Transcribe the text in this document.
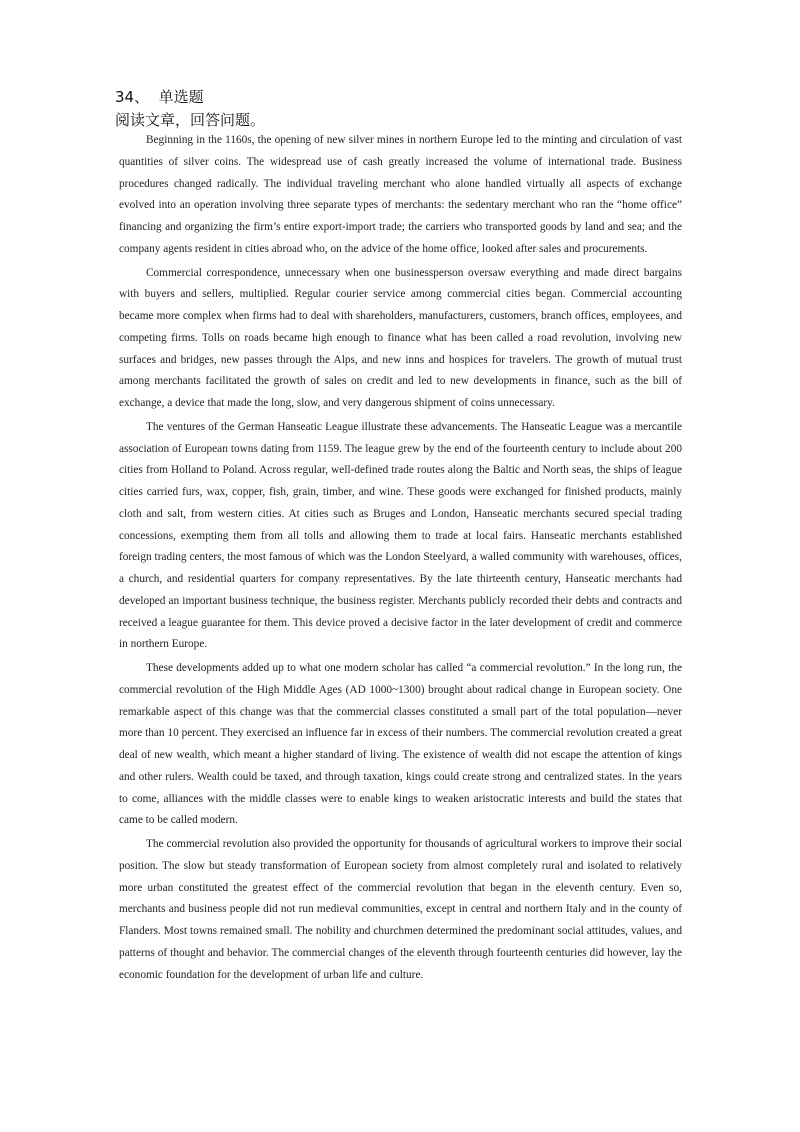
34、 单选题
阅读文章，回答问题。

Beginning in the 1160s, the opening of new silver mines in northern Europe led to the minting and circulation of vast quantities of silver coins. The widespread use of cash greatly increased the volume of international trade. Business procedures changed radically. The individual traveling merchant who alone handled virtually all aspects of exchange evolved into an operation involving three separate types of merchants: the sedentary merchant who ran the “home office” financing and organizing the firm’s entire export-import trade; the carriers who transported goods by land and sea; and the company agents resident in cities abroad who, on the advice of the home office, looked after sales and procurements.

Commercial correspondence, unnecessary when one businessperson oversaw everything and made direct bargains with buyers and sellers, multiplied. Regular courier service among commercial cities began. Commercial accounting became more complex when firms had to deal with shareholders, manufacturers, customers, branch offices, employees, and competing firms. Tolls on roads became high enough to finance what has been called a road revolution, involving new surfaces and bridges, new passes through the Alps, and new inns and hospices for travelers. The growth of mutual trust among merchants facilitated the growth of sales on credit and led to new developments in finance, such as the bill of exchange, a device that made the long, slow, and very dangerous shipment of coins unnecessary.

The ventures of the German Hanseatic League illustrate these advancements. The Hanseatic League was a mercantile association of European towns dating from 1159. The league grew by the end of the fourteenth century to include about 200 cities from Holland to Poland. Across regular, well-defined trade routes along the Baltic and North seas, the ships of league cities carried furs, wax, copper, fish, grain, timber, and wine. These goods were exchanged for finished products, mainly cloth and salt, from western cities. At cities such as Bruges and London, Hanseatic merchants secured special trading concessions, exempting them from all tolls and allowing them to trade at local fairs. Hanseatic merchants established foreign trading centers, the most famous of which was the London Steelyard, a walled community with warehouses, offices, a church, and residential quarters for company representatives. By the late thirteenth century, Hanseatic merchants had developed an important business technique, the business register. Merchants publicly recorded their debts and contracts and received a league guarantee for them. This device proved a decisive factor in the later development of credit and commerce in northern Europe.

These developments added up to what one modern scholar has called “a commercial revolution.” In the long run, the commercial revolution of the High Middle Ages (AD 1000~1300) brought about radical change in European society. One remarkable aspect of this change was that the commercial classes constituted a small part of the total population—never more than 10 percent. They exercised an influence far in excess of their numbers. The commercial revolution created a great deal of new wealth, which meant a higher standard of living. The existence of wealth did not escape the attention of kings and other rulers. Wealth could be taxed, and through taxation, kings could create strong and centralized states. In the years to come, alliances with the middle classes were to enable kings to weaken aristocratic interests and build the states that came to be called modern.

The commercial revolution also provided the opportunity for thousands of agricultural workers to improve their social position. The slow but steady transformation of European society from almost completely rural and isolated to relatively more urban constituted the greatest effect of the commercial revolution that began in the eleventh century. Even so, merchants and business people did not run medieval communities, except in central and northern Italy and in the county of Flanders. Most towns remained small. The nobility and churchmen determined the predominant social attitudes, values, and patterns of thought and behavior. The commercial changes of the eleventh through fourteenth centuries did however, lay the economic foundation for the development of urban life and culture.
